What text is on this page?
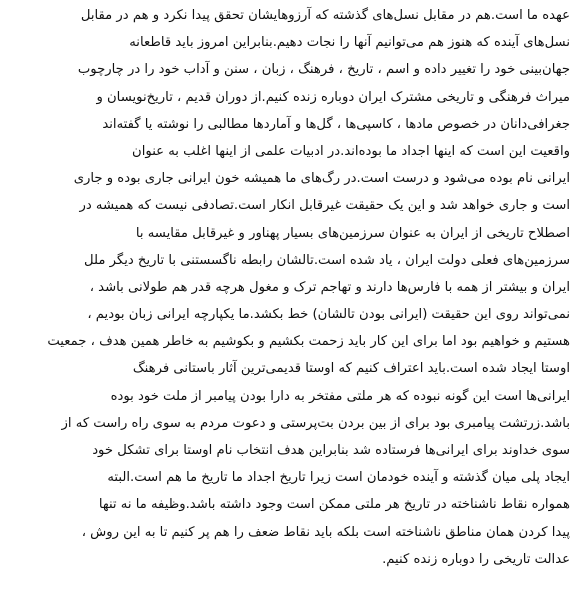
عهده ما است.هم در مقابل نسل‌های گذشته که آرزوهایشان تحقق پیدا نکرد و هم در مقابل
نسل‌های آینده که هنوز هم می‌توانیم آنها را نجات دهیم.بنابراین امروز باید قاطعانه
جهان‌بینی خود را تغییر داده و اسم ، تاریخ ، فرهنگ ، زبان ، سنن و آداب خود را در چارچوب
میراث فرهنگی و تاریخی مشترک ایران دوباره زنده کنیم.از دوران قدیم ، تاریخ‌نویسان و
جغرافی‌دانان در خصوص مادها ، کاسپی‌ها ، گل‌ها و آماردها مطالبی را نوشته یا گفته‌اند
واقعیت این است که اینها اجداد ما بوده‌اند.در ادبیات علمی از اینها اغلب به عنوان
ایرانی نام بوده می‌شود و درست است.در رگ‌های ما همیشه خون ایرانی جاری بوده و جاری
است و جاری خواهد شد و این یک حقیقت غیرقابل انکار است.تصادفی نیست که همیشه در
اصطلاح تاریخی از ایران به عنوان سرزمین‌های بسیار پهناور و غیرقابل مقایسه با
سرزمین‌های فعلی دولت ایران ، یاد شده است.تالشان رابطه ناگسستنی با تاریخ دیگر ملل
ایران و بیشتر از همه با فارس‌ها دارند و تهاجم ترک و مغول هرچه قدر هم طولانی باشد ،
نمی‌تواند روی این حقیقت (ایرانی بودن تالشان) خط بکشد.ما یکپارچه ایرانی زبان بودیم ،
هستیم و خواهیم بود اما برای این کار باید زحمت بکشیم و بکوشیم به خاطر همین هدف ، جمعیت
اوستا ایجاد شده است.باید اعتراف کنیم که اوستا قدیمی‌ترین آثار باستانی فرهنگ
ایرانی‌ها است این گونه نبوده که هر ملتی مفتخر به دارا بودن پیامبر از ملت خود بوده
باشد.زرتشت پیامبری بود برای از بین بردن بت‌پرستی و دعوت مردم به سوی راه راست که از
سوی خداوند برای ایرانی‌ها فرستاده شد بنابراین هدف انتخاب نام اوستا برای تشکل خود
ایجاد پلی میان گذشته و آینده خودمان است زیرا تاریخ اجداد ما تاریخ ما هم است.البته
همواره نقاط ناشناخته در تاریخ هر ملتی ممکن است وجود داشته باشد.وظیفه ما نه تنها
پیدا کردن همان مناطق ناشناخته است بلکه باید نقاط ضعف را هم پر کنیم تا به این روش ،
عدالت تاریخی را دوباره زنده کنیم.
